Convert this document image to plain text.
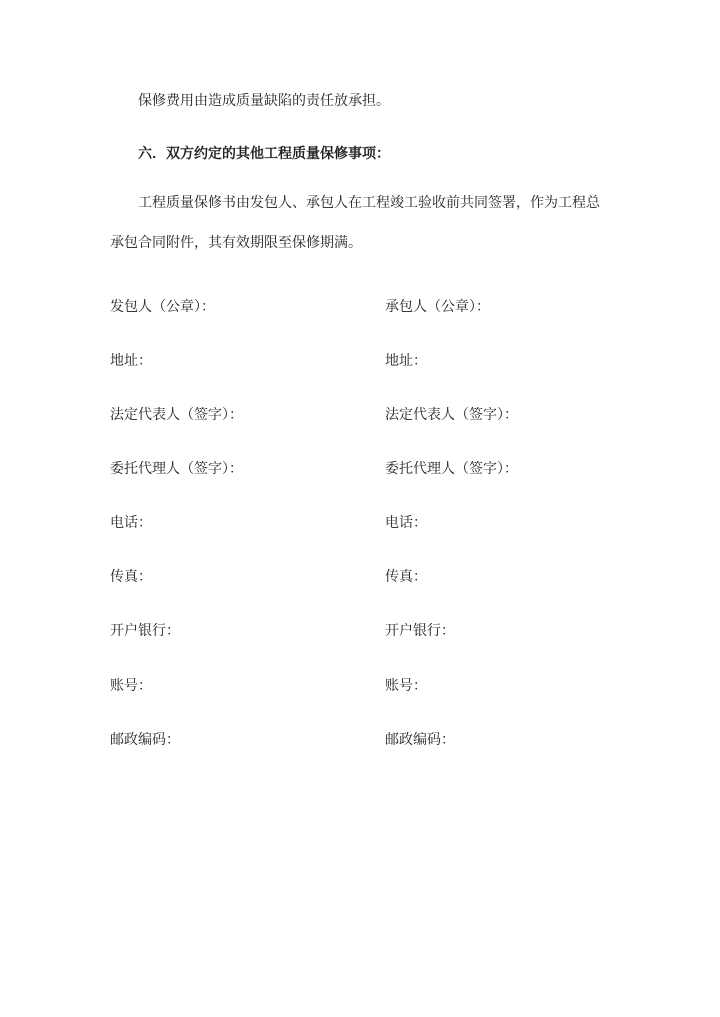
保修费用由造成质量缺陷的责任放承担。
六．双方约定的其他工程质量保修事项：
工程质量保修书由发包人、承包人在工程竣工验收前共同签署，作为工程总
承包合同附件，其有效期限至保修期满。
发包人（公章）：
地址：
法定代表人（签字）：
委托代理人（签字）：
电话：
传真：
开户银行：
账号：
邮政编码：
承包人（公章）：
地址：
法定代表人（签字）：
委托代理人（签字）：
电话：
传真：
开户银行：
账号：
邮政编码：
